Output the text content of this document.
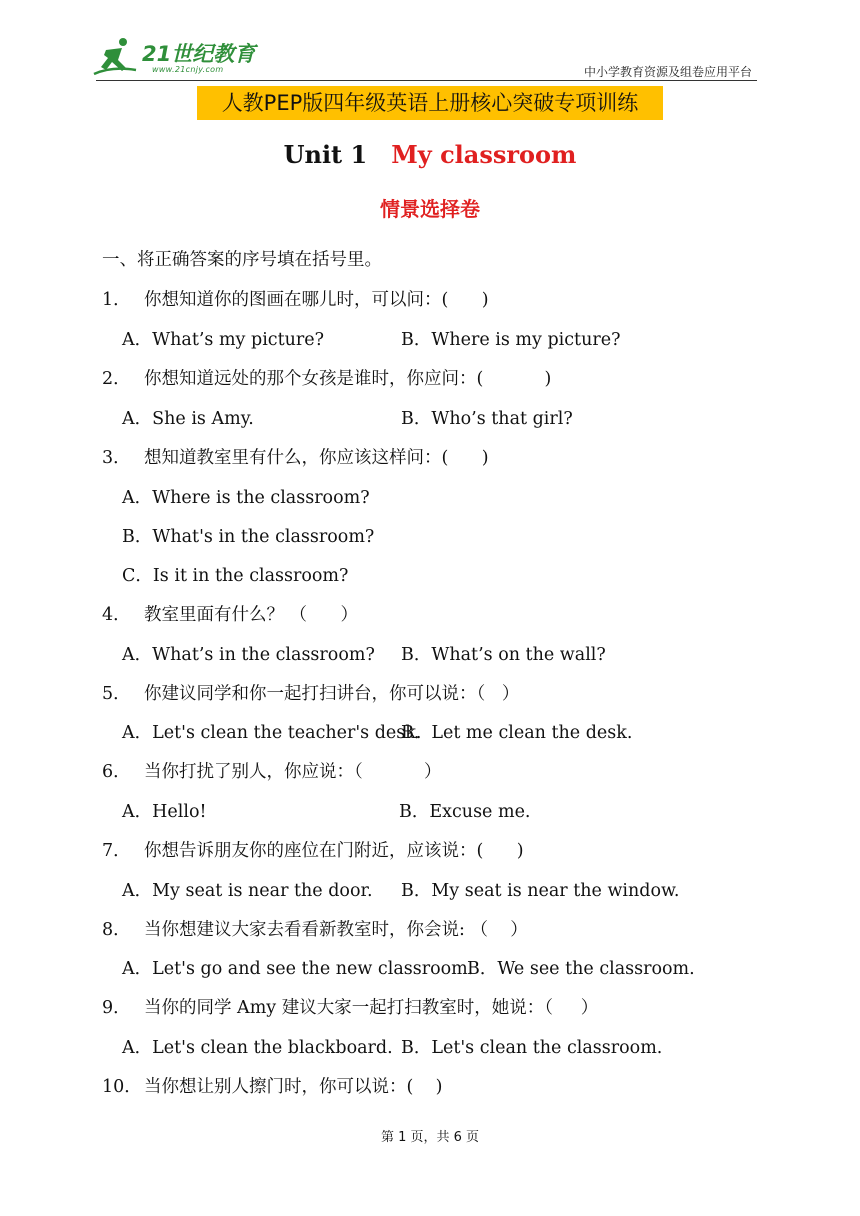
21世纪教育
www.21cnjy.com	中小学教育资源及组卷应用平台
人教PEP版四年级英语上册核心突破专项训练
Unit 1 My classroom
情景选择卷
一、将正确答案的序号填在括号里。
1． 你想知道你的图画在哪儿时，可以问：(      )
A．What’s my picture?	B．Where is my picture?
2． 你想知道远处的那个女孩是谁时，你应问：(           )
A．She is Amy.	B．Who’s that girl?
3． 想知道教室里有什么，你应该这样问：(      )
A．Where is the classroom?
B．What's in the classroom?
C．Is it in the classroom?
4． 教室里面有什么？ （      ）
A．What’s in the classroom? B．What’s on the wall?
5． 你建议同学和你一起打扫讲台，你可以说：（   ）
A．Let's clean the teacher's desk.
B．Let me clean the desk.
6． 当你打扰了别人，你应说：（           ）
A．Hello!	B．Excuse me.
7． 你想告诉朋友你的座位在门附近，应该说：(      )
A．My seat is near the door. B．My seat is near the window.
8． 当你想建议大家去看看新教室时，你会说: （    ）
A．Let's go and see the new classroom.
B．We see the classroom.
9． 当你的同学 Amy 建议大家一起打扫教室时，她说：（     ）
A．Let's clean the blackboard. B．Let's clean the classroom.
10． 当你想让别人擦门时，你可以说：(    )
第 1 页，共 6 页
